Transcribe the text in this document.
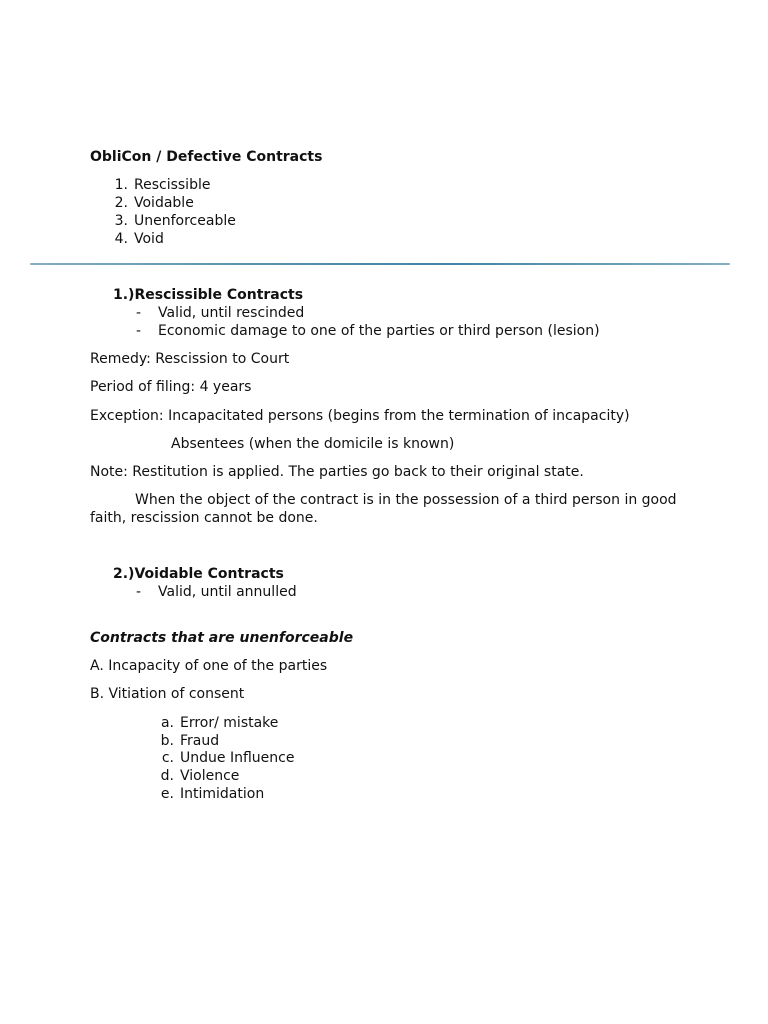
ObliCon / Defective Contracts
1. Rescissible
2. Voidable
3. Unenforceable
4. Void
1.)Rescissible Contracts
- Valid, until rescinded
- Economic damage to one of the parties or third person (lesion)
Remedy: Rescission to Court
Period of filing: 4 years
Exception: Incapacitated persons (begins from the termination of incapacity)
Absentees (when the domicile is known)
Note: Restitution is applied. The parties go back to their original state.
When the object of the contract is in the possession of a third person in good faith, rescission cannot be done.
2.)Voidable Contracts
- Valid, until annulled
Contracts that are unenforceable
A. Incapacity of one of the parties
B. Vitiation of consent
a. Error/ mistake
b. Fraud
c. Undue Influence
d. Violence
e. Intimidation
